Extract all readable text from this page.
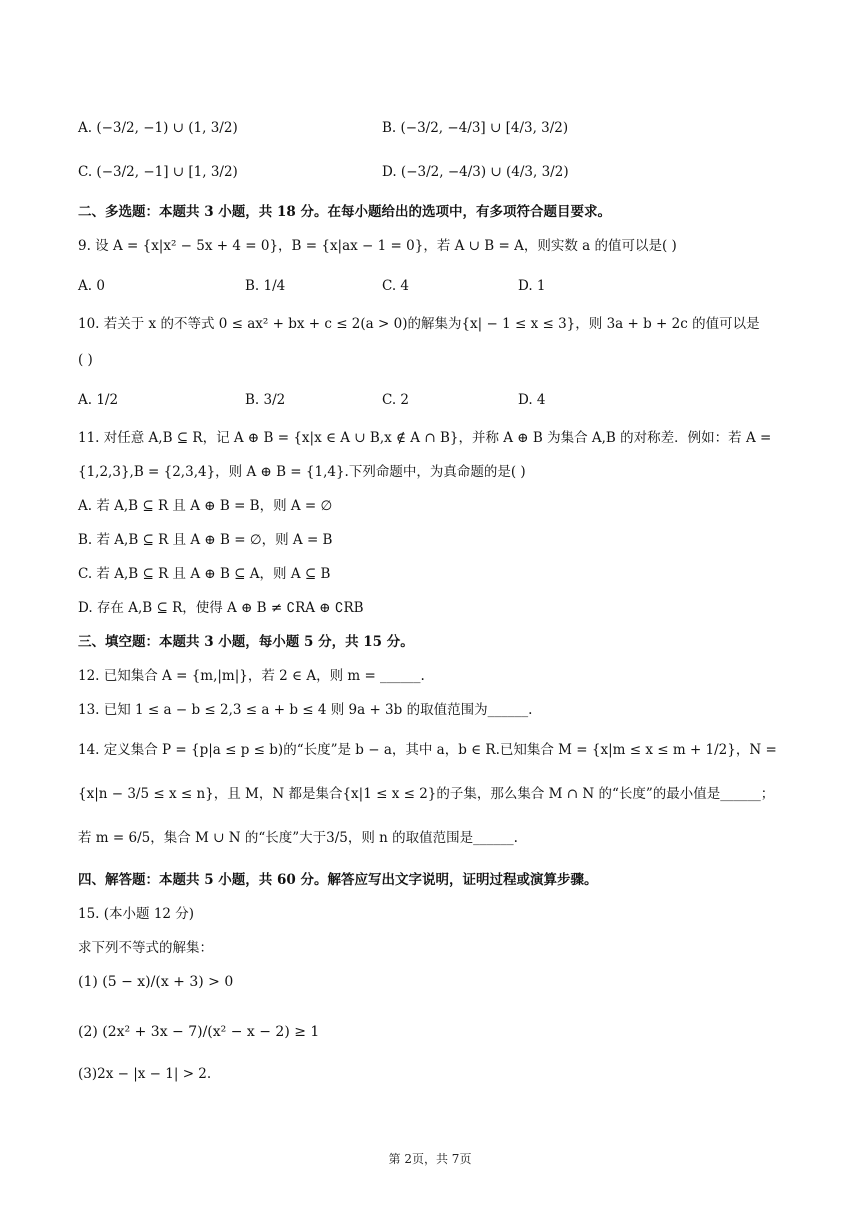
A. (−3/2, −1) ∪ (1, 3/2)	B. (−3/2, −4/3] ∪ [4/3, 3/2)
C. (−3/2, −1] ∪ [1, 3/2)	D. (−3/2, −4/3) ∪ (4/3, 3/2)
二、多选题：本题共 3 小题，共 18 分。在每小题给出的选项中，有多项符合题目要求。
9. 设 A = {x|x² − 5x + 4 = 0}，B = {x|ax − 1 = 0}，若 A ∪ B = A，则实数 a 的值可以是( )
A. 0	B. 1/4	C. 4	D. 1
10. 若关于 x 的不等式 0 ≤ ax² + bx + c ≤ 2(a > 0)的解集为{x| − 1 ≤ x ≤ 3}，则 3a + b + 2c 的值可以是
( )
A. 1/2	B. 3/2	C. 2	D. 4
11. 对任意 A,B ⊆ R，记 A ⊕ B = {x|x ∈ A ∪ B,x ∉ A ∩ B}，并称 A ⊕ B 为集合 A,B 的对称差．例如：若 A =
{1,2,3},B = {2,3,4}，则 A ⊕ B = {1,4}.下列命题中，为真命题的是( )
A. 若 A,B ⊆ R 且 A ⊕ B = B，则 A = ∅
B. 若 A,B ⊆ R 且 A ⊕ B = ∅，则 A = B
C. 若 A,B ⊆ R 且 A ⊕ B ⊆ A，则 A ⊆ B
D. 存在 A,B ⊆ R，使得 A ⊕ B ≠ ∁RA ⊕ ∁RB
三、填空题：本题共 3 小题，每小题 5 分，共 15 分。
12. 已知集合 A = {m,|m|}，若 2 ∈ A，则 m = ______.
13. 已知 1 ≤ a − b ≤ 2,3 ≤ a + b ≤ 4 则 9a + 3b 的取值范围为______.
14. 定义集合 P = {p|a ≤ p ≤ b)的“长度”是 b − a，其中 a，b ∈ R.已知集合 M = {x|m ≤ x ≤ m + 1/2}，N =
{x|n − 3/5 ≤ x ≤ n}，且 M，N 都是集合{x|1 ≤ x ≤ 2}的子集，那么集合 M ∩ N 的“长度”的最小值是______；
若 m = 6/5，集合 M ∪ N 的“长度”大于3/5，则 n 的取值范围是______.
四、解答题：本题共 5 小题，共 60 分。解答应写出文字说明，证明过程或演算步骤。
15. (本小题 12 分)
求下列不等式的解集：
(1) (5 − x)/(x + 3) > 0
(2) (2x² + 3x − 7)/(x² − x − 2) ≥ 1
(3)2x − |x − 1| > 2.
第 2页，共 7页
